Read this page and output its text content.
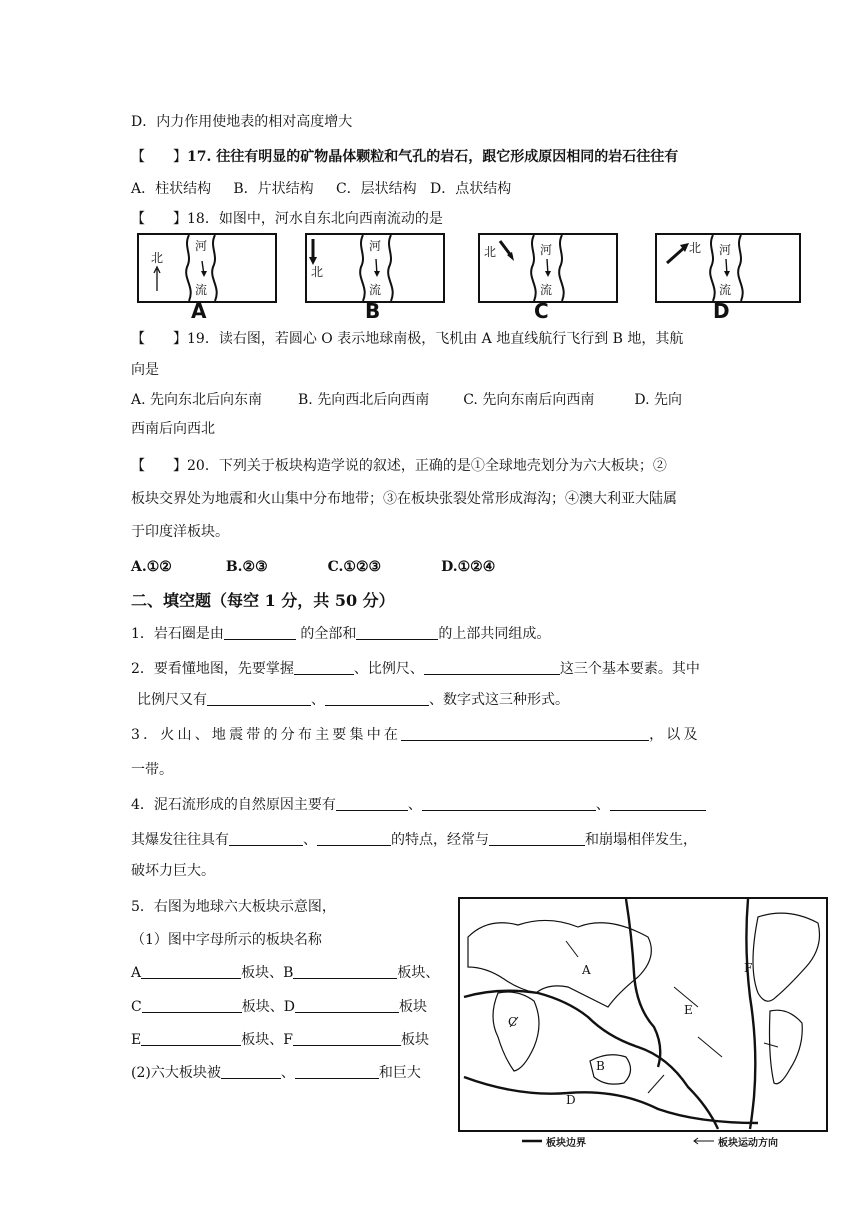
D．内力作用使地表的相对高度增大
【　　】17. 往往有明显的矿物晶体颗粒和气孔的岩石，跟它形成原因相同的岩石往往有
A．柱状结构 B．片状结构 C．层状结构 D．点状结构
【　　】18．如图中，河水自东北向西南流动的是
北
河
流
A
北
河
流
B
北	河
流
C
北 河
流
D
【　　】19．读右图，若圆心 O 表示地球南极，飞机由 A 地直线航行飞行到 B 地，其航
向是
A. 先向东北后向东南	B. 先向西北后向西南 C. 先向东南后向西南	D. 先向
西南后向西北
【　　】20．下列关于板块构造学说的叙述，正确的是①全球地壳划分为六大板块；②
板块交界处为地震和火山集中分布地带；③在板块张裂处常形成海沟；④澳大利亚大陆属
于印度洋板块。
A.①②	B.②③	C.①②③	D.①②④
二、填空题（每空 1 分，共 50 分）
1．岩石圈是由	的全部和	的上部共同组成。
2．要看懂地图，先要掌握	、比例尺、	这三个基本要素。其中
比例尺又有	、	、数字式这三种形式。
3．火山、地震带的分布主要集中在	，以及
一带。
4．泥石流形成的自然原因主要有	、	、
其爆发往往具有	、	的特点，经常与	和崩塌相伴发生，
破坏力巨大。
5．右图为地球六大板块示意图，
（1）图中字母所示的板块名称
A	板块、B	板块、
C	板块、D	板块
E	板块、F	板块
(2)六大板块被	、	和巨大
A
B
C
D
E
F
板块边界	板块运动方向
